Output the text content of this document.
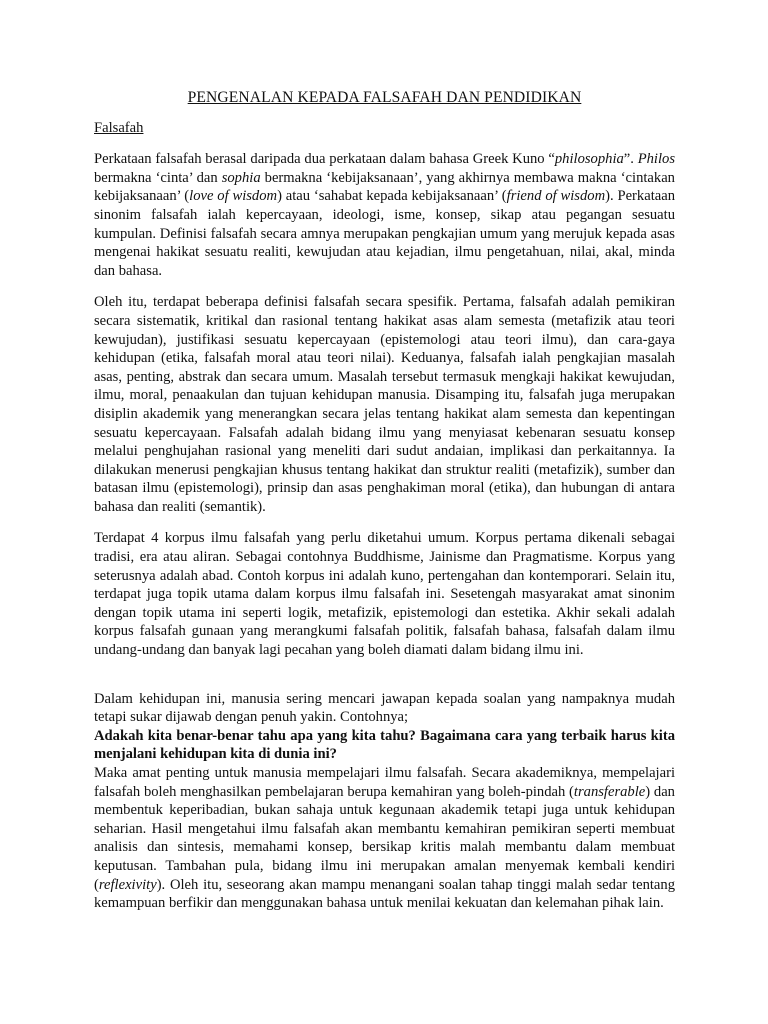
PENGENALAN KEPADA FALSAFAH DAN PENDIDIKAN
Falsafah

Perkataan falsafah berasal daripada dua perkataan dalam bahasa Greek Kuno “philosophia”. Philos bermakna ‘cinta’ dan sophia bermakna ‘kebijaksanaan’, yang akhirnya membawa makna ‘cintakan kebijaksanaan’ (love of wisdom) atau ‘sahabat kepada kebijaksanaan’ (friend of wisdom). Perkataan sinonim falsafah ialah kepercayaan, ideologi, isme, konsep, sikap atau pegangan sesuatu kumpulan. Definisi falsafah secara amnya merupakan pengkajian umum yang merujuk kepada asas mengenai hakikat sesuatu realiti, kewujudan atau kejadian, ilmu pengetahuan, nilai, akal, minda dan bahasa.

Oleh itu, terdapat beberapa definisi falsafah secara spesifik. Pertama, falsafah adalah pemikiran secara sistematik, kritikal dan rasional tentang hakikat asas alam semesta (metafizik atau teori kewujudan), justifikasi sesuatu kepercayaan (epistemologi atau teori ilmu), dan cara-gaya kehidupan (etika, falsafah moral atau teori nilai). Keduanya, falsafah ialah pengkajian masalah asas, penting, abstrak dan secara umum. Masalah tersebut termasuk mengkaji hakikat kewujudan, ilmu, moral, penaakulan dan tujuan kehidupan manusia. Disamping itu, falsafah juga merupakan disiplin akademik yang menerangkan secara jelas tentang hakikat alam semesta dan kepentingan sesuatu kepercayaan. Falsafah adalah bidang ilmu yang menyiasat kebenaran sesuatu konsep melalui penghujahan rasional yang meneliti dari sudut andaian, implikasi dan perkaitannya. Ia dilakukan menerusi pengkajian khusus tentang hakikat dan struktur realiti (metafizik), sumber dan batasan ilmu (epistemologi), prinsip dan asas penghakiman moral (etika), dan hubungan di antara bahasa dan realiti (semantik).

Terdapat 4 korpus ilmu falsafah yang perlu diketahui umum. Korpus pertama dikenali sebagai tradisi, era atau aliran. Sebagai contohnya Buddhisme, Jainisme dan Pragmatisme. Korpus yang seterusnya adalah abad. Contoh korpus ini adalah kuno, pertengahan dan kontemporari. Selain itu, terdapat juga topik utama dalam korpus ilmu falsafah ini. Sesetengah masyarakat amat sinonim dengan topik utama ini seperti logik, metafizik, epistemologi dan estetika. Akhir sekali adalah korpus falsafah gunaan yang merangkumi falsafah politik, falsafah bahasa, falsafah dalam ilmu undang-undang dan banyak lagi pecahan yang boleh diamati dalam bidang ilmu ini.

Dalam kehidupan ini, manusia sering mencari jawapan kepada soalan yang nampaknya mudah tetapi sukar dijawab dengan penuh yakin. Contohnya;

Adakah kita benar-benar tahu apa yang kita tahu? Bagaimana cara yang terbaik harus kita menjalani kehidupan kita di dunia ini?

Maka amat penting untuk manusia mempelajari ilmu falsafah. Secara akademiknya, mempelajari falsafah boleh menghasilkan pembelajaran berupa kemahiran yang boleh-pindah (transferable) dan membentuk keperibadian, bukan sahaja untuk kegunaan akademik tetapi juga untuk kehidupan seharian. Hasil mengetahui ilmu falsafah akan membantu kemahiran pemikiran seperti membuat analisis dan sintesis, memahami konsep, bersikap kritis malah membantu dalam membuat keputusan. Tambahan pula, bidang ilmu ini merupakan amalan menyemak kembali kendiri (reflexivity). Oleh itu, seseorang akan mampu menangani soalan tahap tinggi malah sedar tentang kemampuan berfikir dan menggunakan bahasa untuk menilai kekuatan dan kelemahan pihak lain.
